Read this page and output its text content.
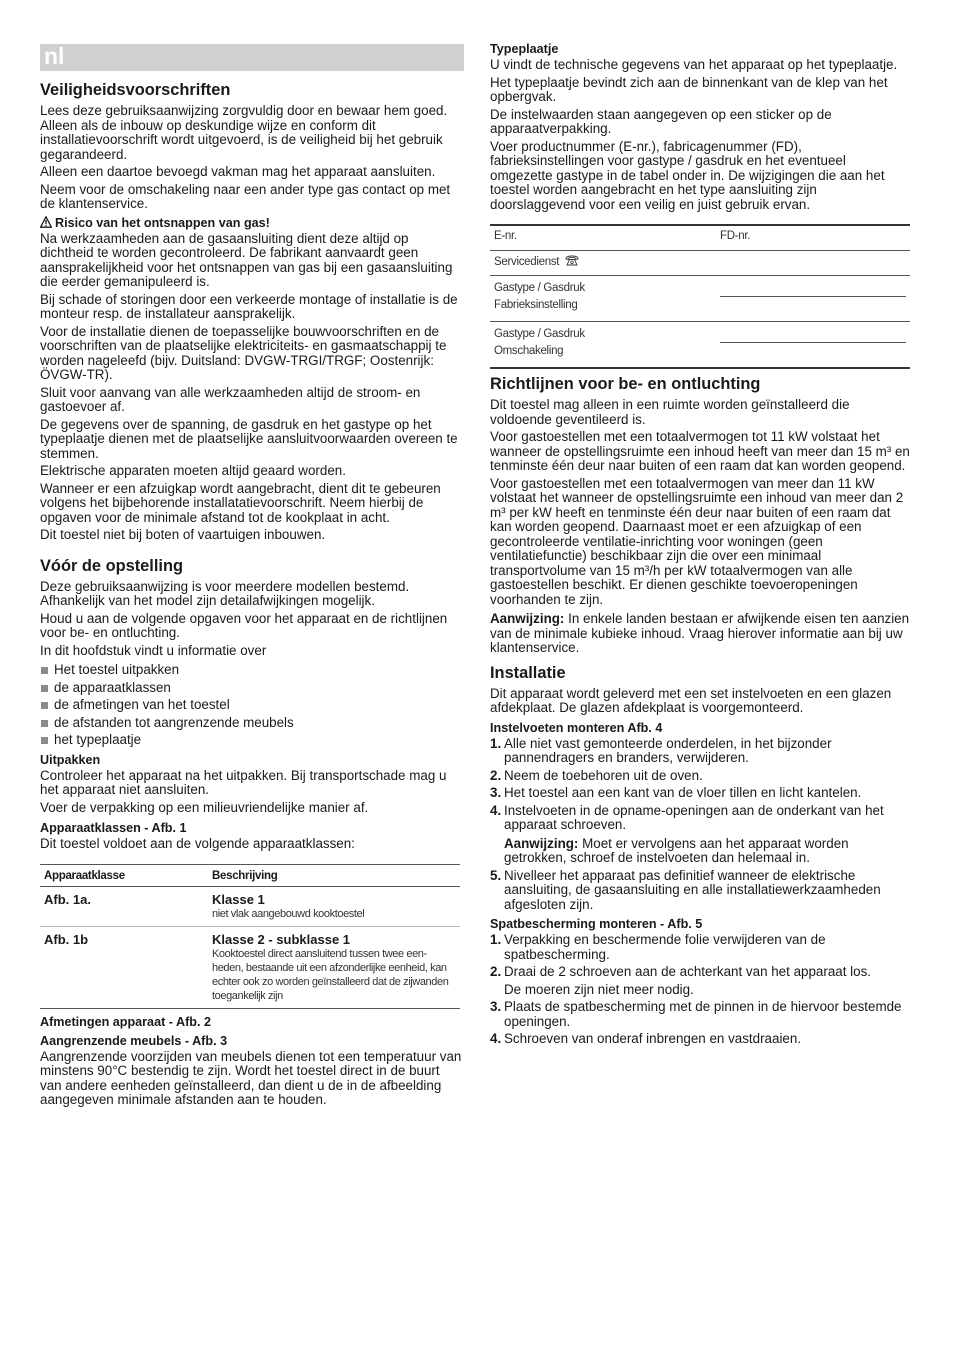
nl
Veiligheidsvoorschriften

Lees deze gebruiksaanwijzing zorgvuldig door en bewaar hem goed. Alleen als de inbouw op deskundige wijze en conform dit installatievoorschrift wordt uitgevoerd, is de veiligheid bij het gebruik gegarandeerd.

Alleen een daartoe bevoegd vakman mag het apparaat aansluiten.

Neem voor de omschakeling naar een ander type gas contact op met de klantenservice.

Risico van het ontsnappen van gas!

Na werkzaamheden aan de gasaansluiting dient deze altijd op dichtheid te worden gecontroleerd. De fabrikant aanvaardt geen aansprakelijkheid voor het ontsnappen van gas bij een gasaansluiting die eerder gemanipuleerd is.

Bij schade of storingen door een verkeerde montage of installatie is de monteur resp. de installateur aansprakelijk.

Voor de installatie dienen de toepasselijke bouwvoorschriften en de voorschriften van de plaatselijke elektriciteits- en gasmaatschappij te worden nageleefd (bijv. Duitsland: DVGW-TRGI/TRGF; Oostenrijk: ÖVGW-TR).

Sluit voor aanvang van alle werkzaamheden altijd de stroom- en gastoevoer af.

De gegevens over de spanning, de gasdruk en het gastype op het typeplaatje dienen met de plaatselijke aansluitvoorwaarden overeen te stemmen.

Elektrische apparaten moeten altijd geaard worden.

Wanneer er een afzuigkap wordt aangebracht, dient dit te gebeuren volgens het bijbehorende installatatievoorschrift. Neem hierbij de opgaven voor de minimale afstand tot de kookplaat in acht.

Dit toestel niet bij boten of vaartuigen inbouwen.

Vóór de opstelling

Deze gebruiksaanwijzing is voor meerdere modellen bestemd. Afhankelijk van het model zijn detailafwijkingen mogelijk.

Houd u aan de volgende opgaven voor het apparaat en de richtlijnen voor be- en ontluchting.

In dit hoofdstuk vindt u informatie over

Het toestel uitpakken
de apparaatklassen
de afmetingen van het toestel
de afstanden tot aangrenzende meubels
het typeplaatje
Uitpakken

Controleer het apparaat na het uitpakken. Bij transportschade mag u het apparaat niet aansluiten.

Voer de verpakking op een milieuvriendelijke manier af.

Apparaatklassen - Afb. 1

Dit toestel voldoet aan de volgende apparaatklassen:

Apparaatklasse	Beschrijving
Afb. 1a.	Klasse 1
niet vlak aangebouwd kooktoestel

Afb. 1b	Klasse 2 - subklasse 1
Kooktoestel direct aansluitend tussen twee een-heden, bestaande uit een afzonderlijke eenheid, kan echter ook zo worden geïnstalleerd dat de zijwanden toegankelijk zijn
Afmetingen apparaat - Afb. 2
Aangrenzende meubels - Afb. 3

Aangrenzende voorzijden van meubels dienen tot een temperatuur van minstens 90°C bestendig te zijn. Wordt het toestel direct in de buurt van andere eenheden geïnstalleerd, dan dient u de in de afbeelding aangegeven minimale afstanden aan te houden.

Typeplaatje

U vindt de technische gegevens van het apparaat op het typeplaatje.

Het typeplaatje bevindt zich aan de binnenkant van de klep van het opbergvak.

De instelwaarden staan aangegeven op een sticker op de apparaatverpakking.

Voer productnummer (E-nr.), fabricagenummer (FD), fabrieksinstellingen voor gastype / gasdruk en het eventueel omgezette gastype in de tabel onder in. De wijzigingen die aan het toestel worden aangebracht en het type aansluiting zijn doorslaggevend voor een veilig en juist gebruik ervan.

E-nr.	FD-nr.
Servicedienst	

Gastype / Gasdruk
Fabrieksinstelling	

Gastype / Gasdruk
Omschakeling	

Richtlijnen voor be- en ontluchting

Dit toestel mag alleen in een ruimte worden geïnstalleerd die voldoende geventileerd is.

Voor gastoestellen met een totaalvermogen tot 11 kW volstaat het wanneer de opstellingsruimte een inhoud heeft van meer dan 15 m³ en tenminste één deur naar buiten of een raam dat kan worden geopend.

Voor gastoestellen met een totaalvermogen van meer dan 11 kW volstaat het wanneer de opstellingsruimte een inhoud van meer dan 2 m³ per kW heeft en tenminste één deur naar buiten of een raam dat kan worden geopend. Daarnaast moet er een afzuigkap of een gecontroleerde ventilatie-inrichting voor woningen (geen ventilatiefunctie) beschikbaar zijn die over een minimaal transportvolume van 15 m³/h per kW totaalvermogen van alle gastoestellen beschikt. Er dienen geschikte toevoeropeningen voorhanden te zijn.

Aanwijzing: In enkele landen bestaan er afwijkende eisen ten aanzien van de minimale kubieke inhoud. Vraag hierover informatie aan bij uw klantenservice.

Installatie

Dit apparaat wordt geleverd met een set instelvoeten en een glazen afdekplaat. De glazen afdekplaat is voorgemonteerd.

Instelvoeten monteren Afb. 4
1. Alle niet vast gemonteerde onderdelen, in het bijzonder pannendragers en branders, verwijderen.
2. Neem de toebehoren uit de oven.
3. Het toestel aan een kant van de vloer tillen en licht kantelen.
4. Instelvoeten in de opname-openingen aan de onderkant van het apparaat schroeven.

Aanwijzing: Moet er vervolgens aan het apparaat worden getrokken, schroef de instelvoeten dan helemaal in.

5. Nivelleer het apparaat pas definitief wanneer de elektrische aansluiting, de gasaansluiting en alle installatiewerkzaamheden afgesloten zijn.
Spatbescherming monteren - Afb. 5
1. Verpakking en beschermende folie verwijderen van de spatbescherming.
2. Draai de 2 schroeven aan de achterkant van het apparaat los.
De moeren zijn niet meer nodig.
3. Plaats de spatbescherming met de pinnen in de hiervoor bestemde openingen.
4. Schroeven van onderaf inbrengen en vastdraaien.
